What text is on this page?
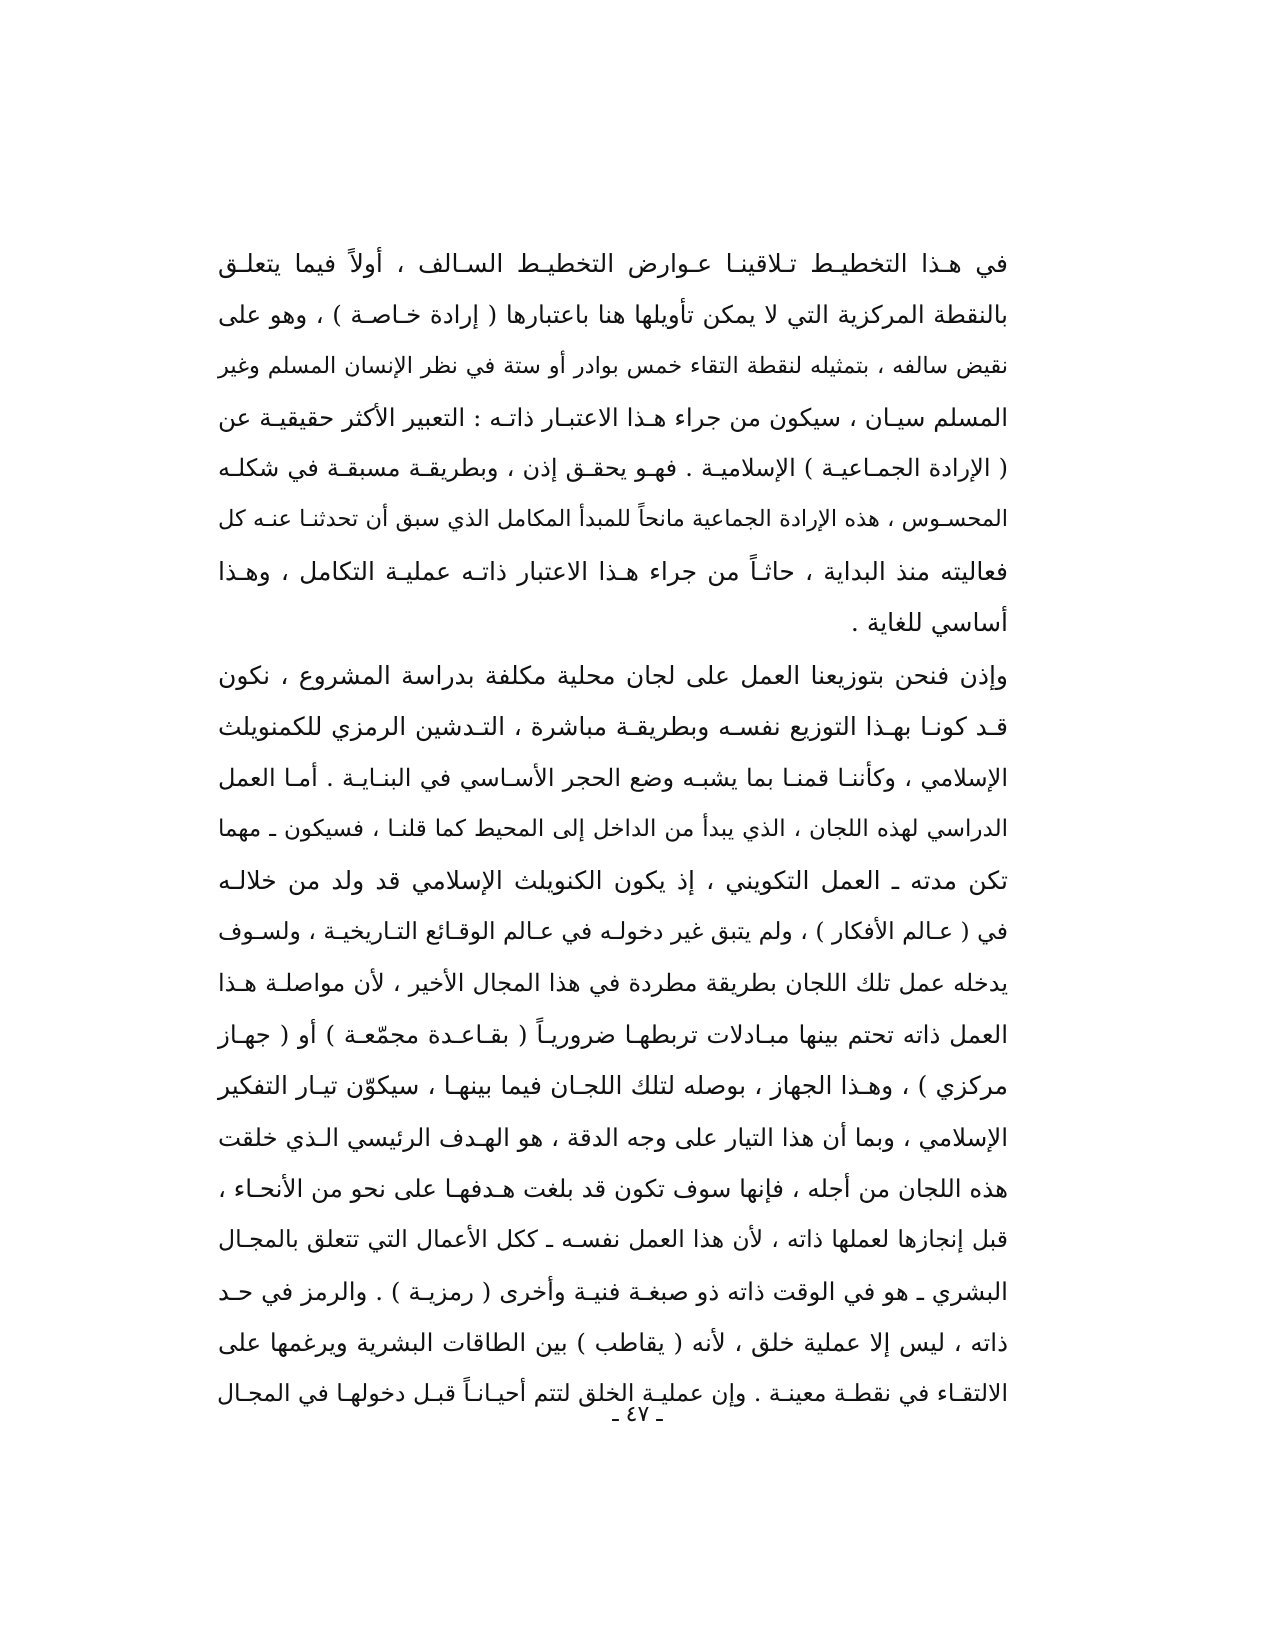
في هـذا التخطيـط تـلاقينـا عـوارض التخطيـط السـالف ، أولاً فيما يتعلـق
بالنقطة المركزية التي لا يمكن تأويلها هنا باعتبارها ( إرادة خـاصـة ) ، وهو على
نقيض سالفه ، بتمثيله لنقطة التقاء خمس بوادر أو ستة في نظر الإنسان المسلم وغير
المسلم سيـان ، سيكون من جراء هـذا الاعتبـار ذاتـه : التعبير الأكثر حقيقيـة عن
( الإرادة الجمـاعيـة ) الإسلاميـة . فهـو يحقـق إذن ، وبطريقـة مسبقـة في شكلـه
المحسـوس ، هذه الإرادة الجماعية مانحاً للمبدأ المكامل الذي سبق أن تحدثنـا عنـه كل
فعاليته منذ البداية ، حاثـاً من جراء هـذا الاعتبار ذاتـه عمليـة التكامل ، وهـذا
أساسي للغاية .
وإذن فنحن بتوزيعنا العمل على لجان محلية مكلفة بدراسة المشروع ، نكون
قـد كونـا بهـذا التوزيع نفسـه وبطريقـة مباشرة ، التـدشين الرمزي للكمنويلث
الإسلامي ، وكأننـا قمنـا بما يشبـه وضع الحجر الأسـاسي في البنـايـة . أمـا العمل
الدراسي لهذه اللجان ، الذي يبدأ من الداخل إلى المحيط كما قلنـا ، فسيكون ـ مهما
تكن مدته ـ العمل التكويني ، إذ يكون الكنويلث الإسلامي قد ولد من خلالـه
في ( عـالم الأفكار ) ، ولم يتبق غير دخولـه في عـالم الوقـائع التـاريخيـة ، ولسـوف
يدخله عمل تلك اللجان بطريقة مطردة في هذا المجال الأخير ، لأن مواصلـة هـذا
العمل ذاته تحتم بينها مبـادلات تربطهـا ضروريـاً ( بقـاعـدة مجمّعـة ) أو ( جهـاز
مركزي ) ، وهـذا الجهاز ، بوصله لتلك اللجـان فيما بينهـا ، سيكوّن تيـار التفكير
الإسلامي ، وبما أن هذا التيار على وجه الدقة ، هو الهـدف الرئيسي الـذي خلقت
هذه اللجان من أجله ، فإنها سوف تكون قد بلغت هـدفهـا على نحو من الأنحـاء ،
قبل إنجازها لعملها ذاته ، لأن هذا العمل نفسـه ـ ككل الأعمال التي تتعلق بالمجـال
البشري ـ هو في الوقت ذاته ذو صبغـة فنيـة وأخرى ( رمزيـة ) . والرمز في حـد
ذاته ، ليس إلا عملية خلق ، لأنه ( يقاطب ) بين الطاقات البشرية ويرغمها على
الالتقـاء في نقطـة معينـة . وإن عمليـة الخلق لتتم أحيـانـاً قبـل دخولهـا في المجـال
ـ ٤٧ ـ
